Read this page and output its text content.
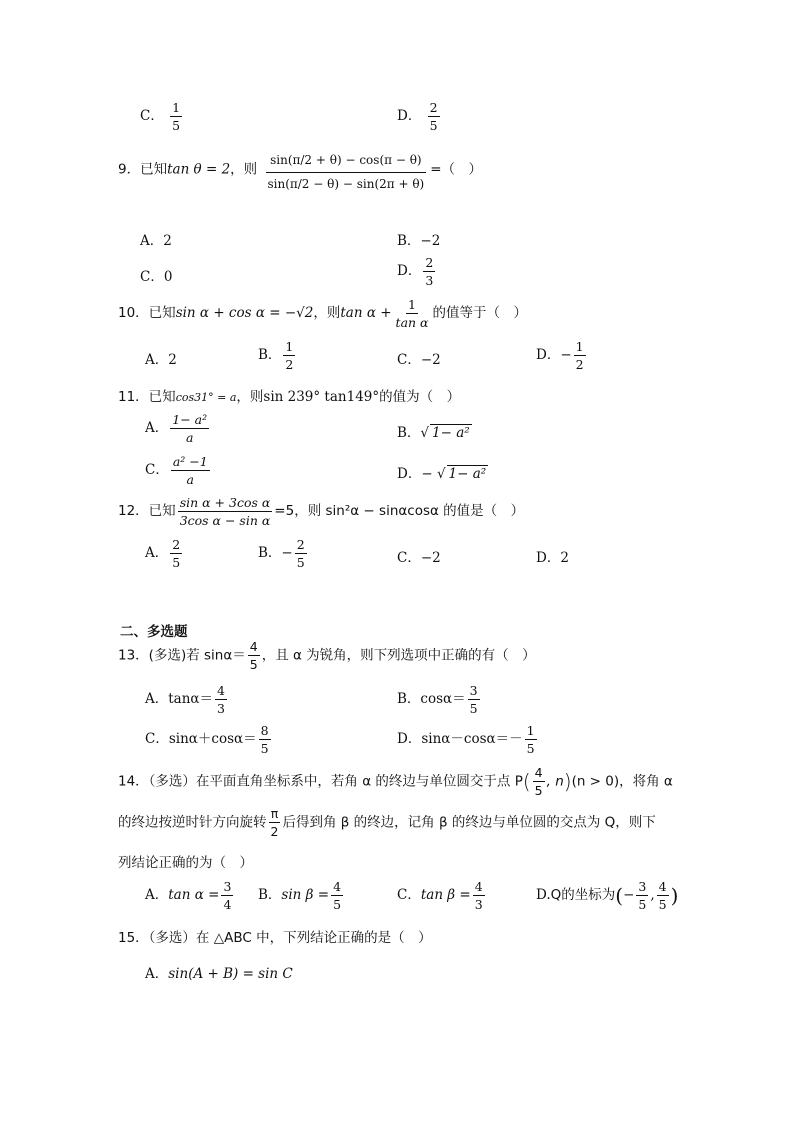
C． $\frac{1}{5}$	D． $\frac{2}{5}$
9．已知tan θ = 2，则 $\frac{\sin(\pi/2 + \theta) - \cos(\pi - \theta)}{\sin(\pi/2 - \theta) - \sin(2\pi + \theta)}$ =（　）
A．2	B．−2
C．0	D． $\frac{2}{3}$
10．已知sin α + cos α = −√2，则$\tan \alpha + \frac{1}{\text{tan α}}$ 的值等于（　）
A．2	B． $\frac{1}{2}$	C．−2	D．− $\frac{1}{2}$
11．已知cos31° = a，则sin 239° tan149°的值为（　）
A． $\frac{\text{1− a²}}{a}$	B．√ 1− a²
C． $\frac{\text{a² −1}}{a}$	D．− √ 1− a²
12．已知 $\frac{\text{sin α + 3cos α}}{\text{3cos α − sin α}} =5$，则 sin²α − sinαcosα 的值是（　）
A． $\frac{2}{5}$	B．− $\frac{2}{5}$	C．−2	D．2
二、多选题
13．(多选)若 $\sin\alpha= \frac{4}{5}$ ，且 α 为锐角，则下列选项中正确的有（　）
A．$\tan\alpha= \frac{4}{3}$	B．$\cos\alpha= \frac{3}{5}$
C．$\sin\alpha+\cos\alpha= \frac{8}{5}$	D．$\sin\alpha-\cos\alpha=- \frac{1}{5}$
14．（多选）在平面直角坐标系中，若角 α 的终边与单位圆交于点 $P( \frac{4}{5}$ , n)(n > 0)，将角 α
的终边按逆时针方向旋转 $\frac{\pi}{2}$ 后得到角 β 的终边，记角 β 的终边与单位圆的交点为 Q，则下
列结论正确的为（　）
A．$\tan \alpha = \frac{3}{4}$ B．$\sin \beta = \frac{4}{5}$	C．$\tan \beta = \frac{4}{3}$	D.Q的坐标为(− $\frac{3}{5}$ , $\frac{4}{5}$ )
15．（多选）在 △ABC 中，下列结论正确的是（　）
A．sin(A + B) = sin C
